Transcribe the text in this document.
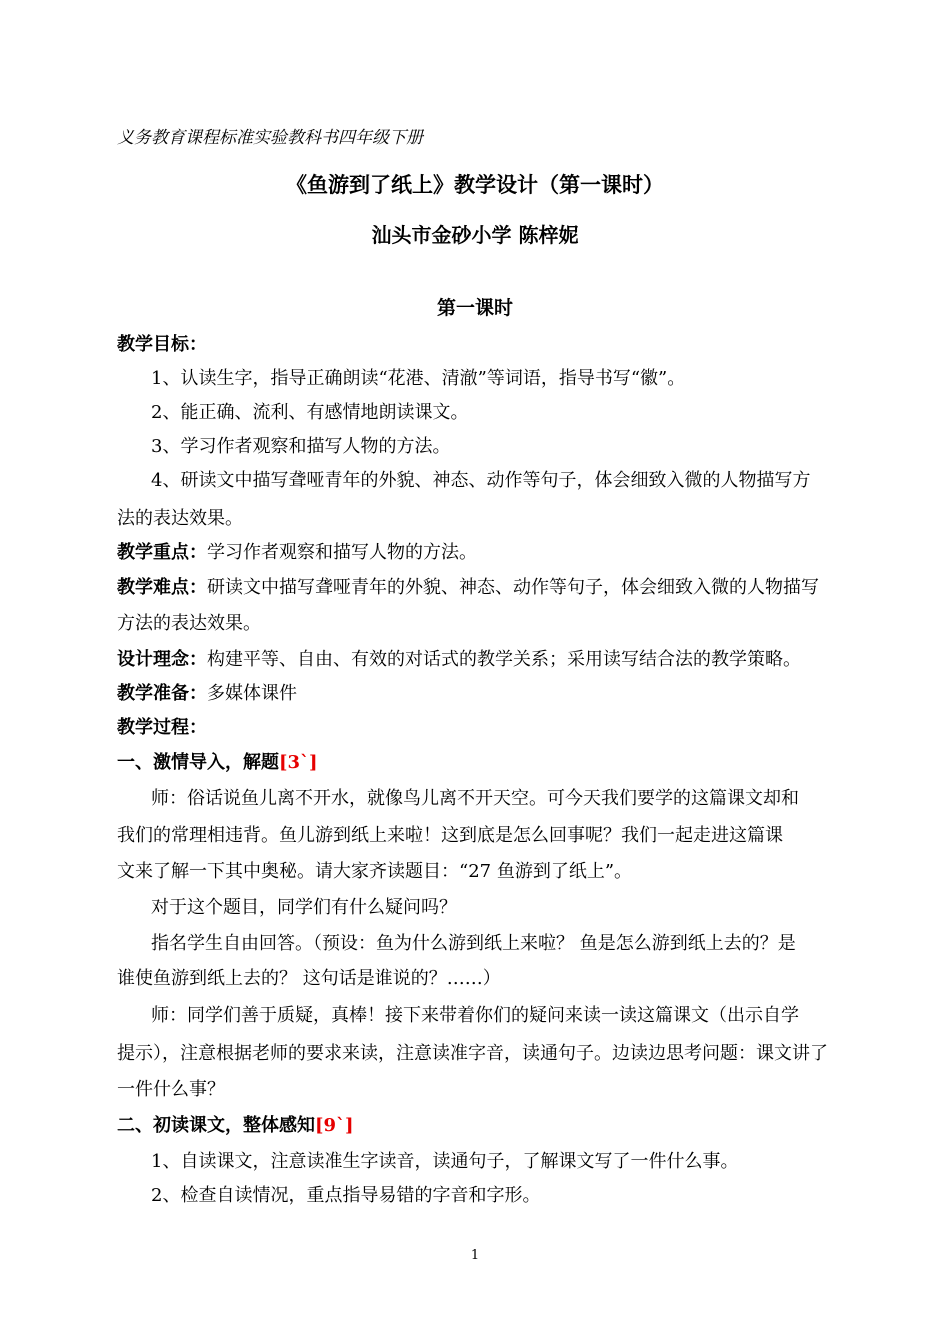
义务教育课程标准实验教科书四年级下册
《鱼游到了纸上》教学设计（第一课时）
汕头市金砂小学 陈梓妮
第一课时
教学目标：
1、认读生字，指导正确朗读“花港、清澈”等词语，指导书写“徽”。
2、能正确、流利、有感情地朗读课文。
3、学习作者观察和描写人物的方法。
4、研读文中描写聋哑青年的外貌、神态、动作等句子，体会细致入微的人物描写方
法的表达效果。
教学重点：学习作者观察和描写人物的方法。
教学难点：研读文中描写聋哑青年的外貌、神态、动作等句子，体会细致入微的人物描写
方法的表达效果。
设计理念：构建平等、自由、有效的对话式的教学关系；采用读写结合法的教学策略。
教学准备：多媒体课件
教学过程：
一、激情导入，解题[3`]
师：俗话说鱼儿离不开水，就像鸟儿离不开天空。可今天我们要学的这篇课文却和
我们的常理相违背。鱼儿游到纸上来啦！这到底是怎么回事呢？我们一起走进这篇课
文来了解一下其中奥秘。请大家齐读题目：“27 鱼游到了纸上”。
对于这个题目，同学们有什么疑问吗？
指名学生自由回答。（预设：鱼为什么游到纸上来啦？ 鱼是怎么游到纸上去的？是
谁使鱼游到纸上去的？ 这句话是谁说的？……）
师：同学们善于质疑，真棒！接下来带着你们的疑问来读一读这篇课文（出示自学
提示），注意根据老师的要求来读，注意读准字音，读通句子。边读边思考问题：课文讲了
一件什么事？
二、初读课文，整体感知[9`]
1、自读课文，注意读准生字读音，读通句子，了解课文写了一件什么事。
2、检查自读情况，重点指导易错的字音和字形。
1
